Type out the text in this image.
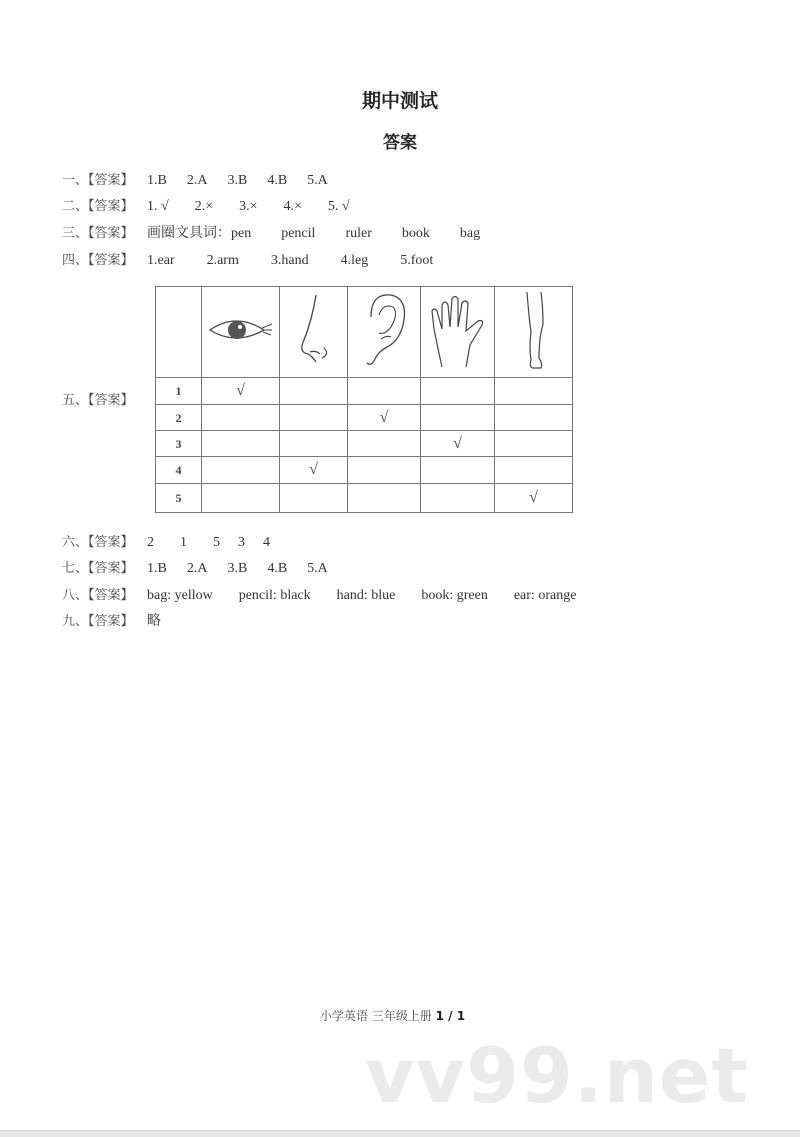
vv99.net
期中测试
答案
一、【答案】 1.B 2.A 3.B 4.B 5.A
二、【答案】 1. √ 2.× 3.× 4.× 5. √
三、【答案】 画圈文具词：pen pencil ruler book bag
四、【答案】 1.ear 2.arm 3.hand 4.leg 5.foot
六、【答案】 2 1 5 3 4
七、【答案】 1.B 2.A 3.B 4.B 5.A
八、【答案】 bag: yellow pencil: black hand: blue book: green ear: orange
九、【答案】 略
五、【答案】

1	√				
2			√		
3				√	
4		√			
5					√
小学英语 三年级上册 1 / 1
